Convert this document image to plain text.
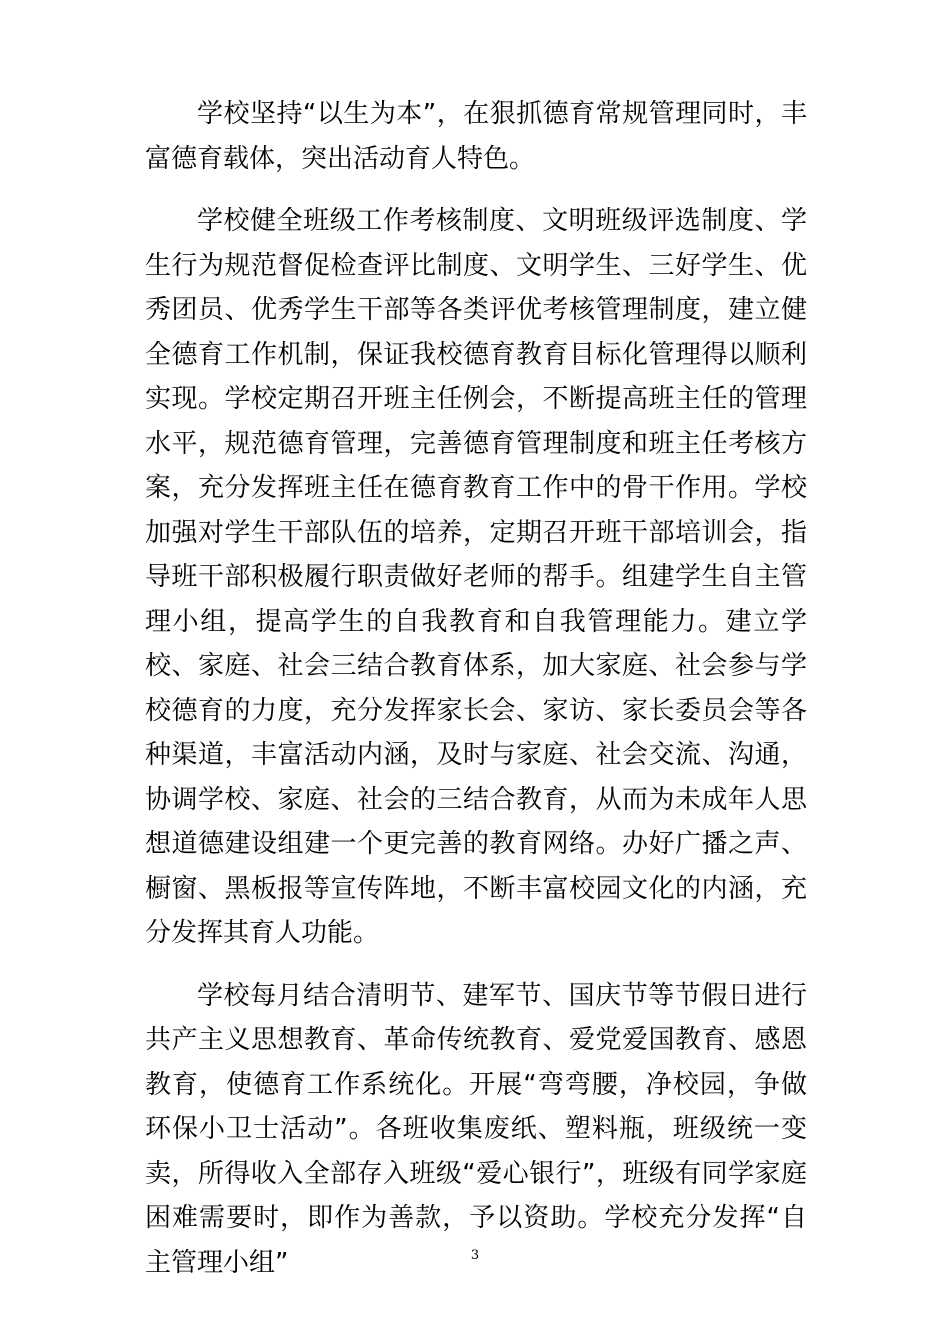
学校坚持“以生为本”，在狠抓德育常规管理同时，丰富德育载体，突出活动育人特色。

学校健全班级工作考核制度、文明班级评选制度、学生行为规范督促检查评比制度、文明学生、三好学生、优秀团员、优秀学生干部等各类评优考核管理制度，建立健全德育工作机制，保证我校德育教育目标化管理得以顺利实现。学校定期召开班主任例会，不断提高班主任的管理水平，规范德育管理，完善德育管理制度和班主任考核方案，充分发挥班主任在德育教育工作中的骨干作用。学校加强对学生干部队伍的培养，定期召开班干部培训会，指导班干部积极履行职责做好老师的帮手。组建学生自主管理小组，提高学生的自我教育和自我管理能力。建立学校、家庭、社会三结合教育体系，加大家庭、社会参与学校德育的力度，充分发挥家长会、家访、家长委员会等各种渠道，丰富活动内涵，及时与家庭、社会交流、沟通，协调学校、家庭、社会的三结合教育，从而为未成年人思想道德建设组建一个更完善的教育网络。办好广播之声、橱窗、黑板报等宣传阵地，不断丰富校园文化的内涵，充分发挥其育人功能。

学校每月结合清明节、建军节、国庆节等节假日进行共产主义思想教育、革命传统教育、爱党爱国教育、感恩教育，使德育工作系统化。开展“弯弯腰，净校园，争做环保小卫士活动”。各班收集废纸、塑料瓶，班级统一变卖，所得收入全部存入班级“爱心银行”，班级有同学家庭困难需要时，即作为善款，予以资助。学校充分发挥“自主管理小组”	3
